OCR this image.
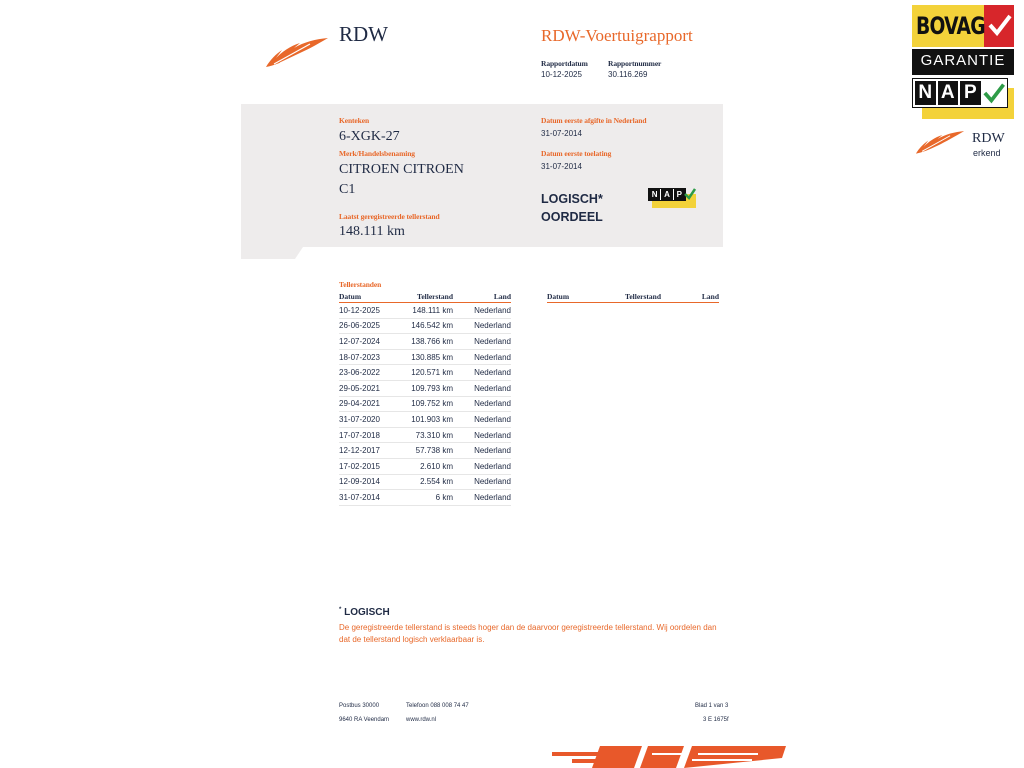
RDW	RDW-Voertuigrapport
Rapportdatum
10-12-2025
Rapportnummer
30.116.269
Kenteken
6-XGK-27
Merk/Handelsbenaming
CITROEN CITROEN
C1
Laatst geregistreerde tellerstand
148.111 km
Datum eerste afgifte in Nederland
31-07-2014
Datum eerste toelating
31-07-2014
LOGISCH*
OORDEEL
N A P
Tellerstanden
Datum	Tellerstand	Land
10-12-2025	148.111 km	Nederland
26-06-2025	146.542 km	Nederland
12-07-2024	138.766 km	Nederland
18-07-2023	130.885 km	Nederland
23-06-2022	120.571 km	Nederland
29-05-2021	109.793 km	Nederland
29-04-2021	109.752 km	Nederland
31-07-2020	101.903 km	Nederland
17-07-2018	73.310 km	Nederland
12-12-2017	57.738 km	Nederland
17-02-2015	2.610 km	Nederland
12-09-2014	2.554 km	Nederland
31-07-2014	6 km	Nederland
Datum	Tellerstand	Land
* LOGISCH
De geregistreerde tellerstand is steeds hoger dan de daarvoor geregistreerde tellerstand. Wij oordelen dan
dat de tellerstand logisch verklaarbaar is.
Postbus 30000	Telefoon 088 008 74 47	Blad 1 van 3
9640 RA Veendam	www.rdw.nl	3 E 1675f
BOVAG
GARANTIE
N A P
RDW
erkend
